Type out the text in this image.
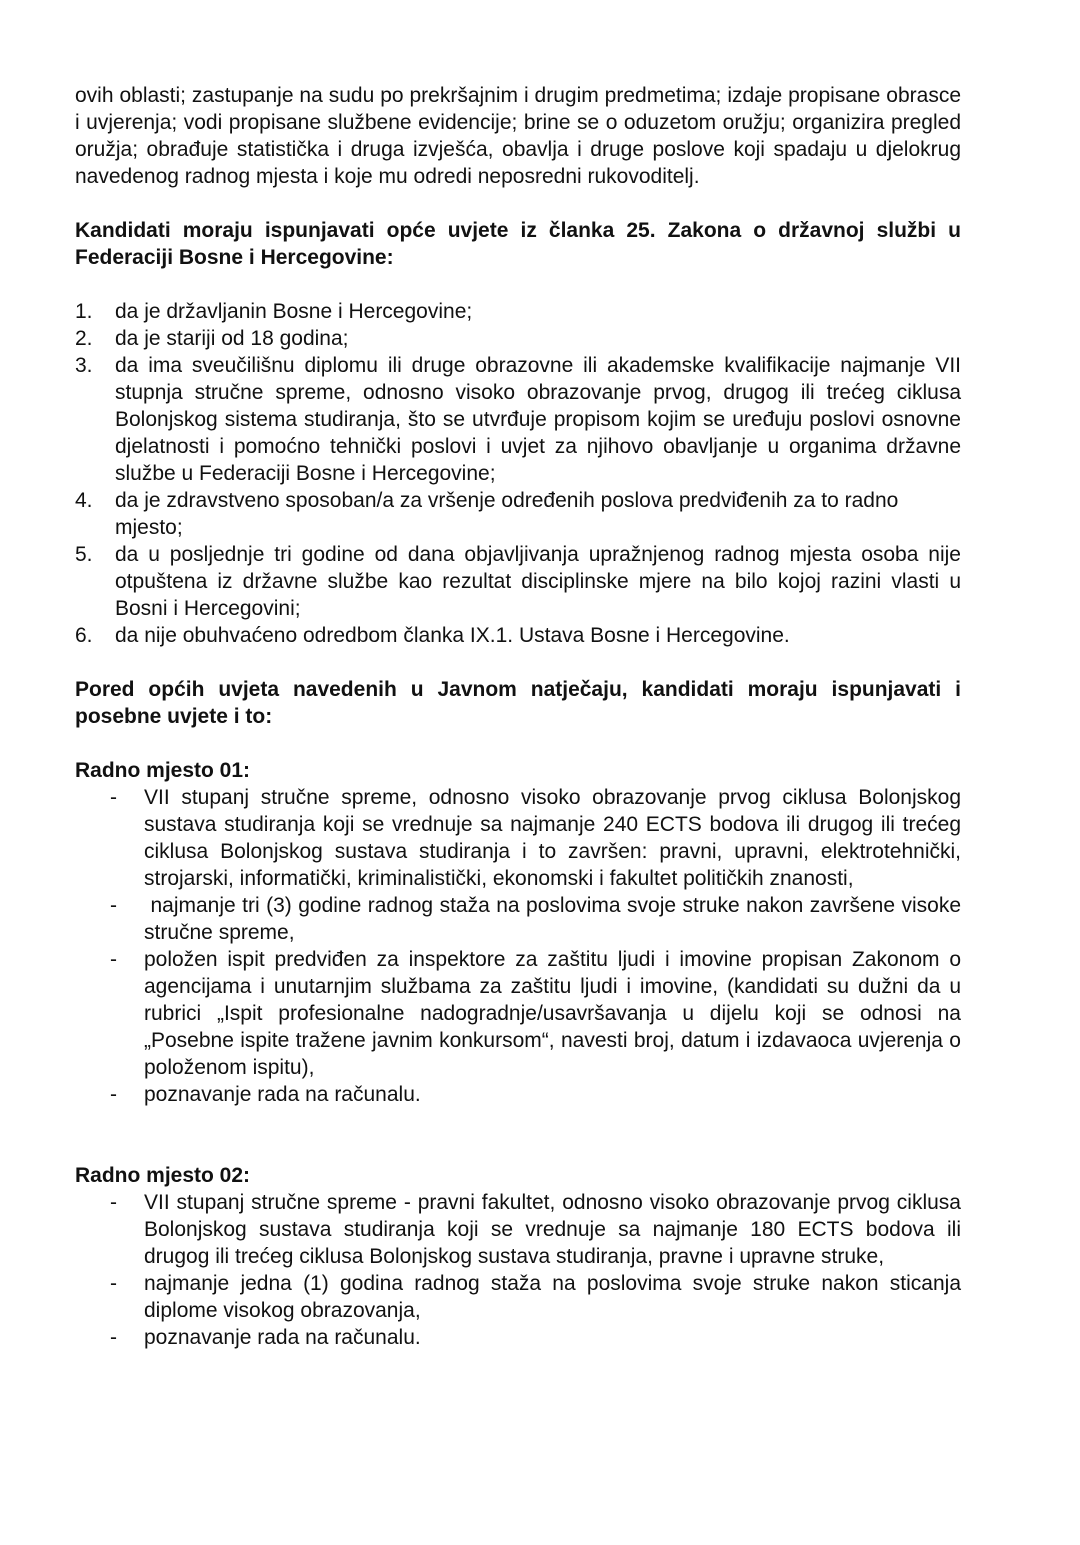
ovih oblasti; zastupanje na sudu po prekršajnim i drugim predmetima; izdaje propisane obrasce i uvjerenja; vodi propisane službene evidencije; brine se o oduzetom oružju; organizira pregled oružja; obrađuje statistička i druga izvješća, obavlja i druge poslove koji spadaju u djelokrug navedenog radnog mjesta i koje mu odredi neposredni rukovoditelj.

Kandidati moraju ispunjavati opće uvjete iz članka 25. Zakona o državnoj službi u Federaciji Bosne i Hercegovine:

1. da je državljanin Bosne i Hercegovine;
2. da je stariji od 18 godina;
3. da ima sveučilišnu diplomu ili druge obrazovne ili akademske kvalifikacije najmanje VII stupnja stručne spreme, odnosno visoko obrazovanje prvog, drugog ili trećeg ciklusa Bolonjskog sistema studiranja, što se utvrđuje propisom kojim se uređuju poslovi osnovne djelatnosti i pomoćno tehnički poslovi i uvjet za njihovo obavljanje u organima državne službe u Federaciji Bosne i Hercegovine;
4. da je zdravstveno sposoban/a za vršenje određenih poslova predviđenih za to radno mjesto;
5. da u posljednje tri godine od dana objavljivanja upražnjenog radnog mjesta osoba nije otpuštena iz državne službe kao rezultat disciplinske mjere na bilo kojoj razini vlasti u Bosni i Hercegovini;
6. da nije obuhvaćeno odredbom članka IX.1. Ustava Bosne i Hercegovine.

Pored općih uvjeta navedenih u Javnom natječaju, kandidati moraju ispunjavati i posebne uvjete i to:

Radno mjesto 01:

- VII stupanj stručne spreme, odnosno visoko obrazovanje prvog ciklusa Bolonjskog sustava studiranja koji se vrednuje sa najmanje 240 ECTS bodova ili drugog ili trećeg ciklusa Bolonjskog sustava studiranja i to završen: pravni, upravni, elektrotehnički, strojarski, informatički, kriminalistički, ekonomski i fakultet političkih znanosti,
- najmanje tri (3) godine radnog staža na poslovima svoje struke nakon završene visoke stručne spreme,
- položen ispit predviđen za inspektore za zaštitu ljudi i imovine propisan Zakonom o agencijama i unutarnjim službama za zaštitu ljudi i imovine, (kandidati su dužni da u rubrici „Ispit profesionalne nadogradnje/usavršavanja u dijelu koji se odnosi na „Posebne ispite tražene javnim konkursom“, navesti broj, datum i izdavaoca uvjerenja o položenom ispitu),
- poznavanje rada na računalu.

Radno mjesto 02:

- VII stupanj stručne spreme - pravni fakultet, odnosno visoko obrazovanje prvog ciklusa Bolonjskog sustava studiranja koji se vrednuje sa najmanje 180 ECTS bodova ili drugog ili trećeg ciklusa Bolonjskog sustava studiranja, pravne i upravne struke,
- najmanje jedna (1) godina radnog staža na poslovima svoje struke nakon sticanja diplome visokog obrazovanja,
- poznavanje rada na računalu.
